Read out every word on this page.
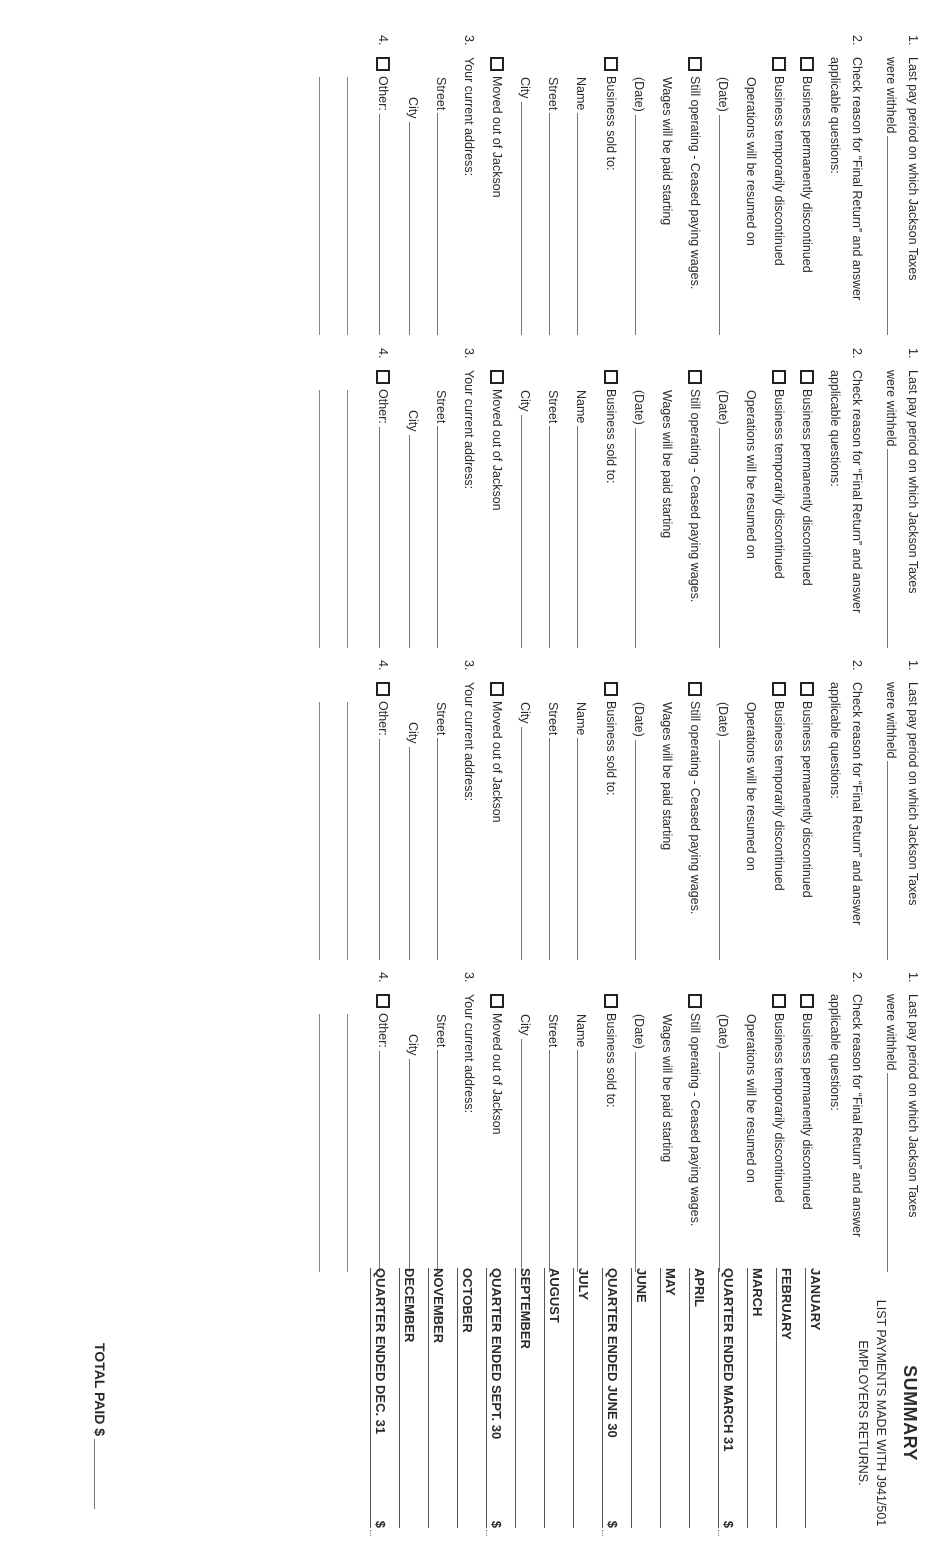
1.
Last pay period on which Jackson Taxes
were withheld
2.
Check reason for “Final Return” and answer
applicable questions:
Business permanently discontinued
Business temporarily discontinued
Operations will be resumed on
(Date)
Still operating - Ceased paying wages.
Wages will be paid starting
(Date)
Business sold to:
Name
Street
City
Moved out of Jackson
3.
Your current address:
Street
City
4.
Other:
1.
Last pay period on which Jackson Taxes
were withheld
2.
Check reason for “Final Return” and answer
applicable questions:
Business permanently discontinued
Business temporarily discontinued
Operations will be resumed on
(Date)
Still operating - Ceased paying wages.
Wages will be paid starting
(Date)
Business sold to:
Name
Street
City
Moved out of Jackson
3.
Your current address:
Street
City
4.
Other:
1.
Last pay period on which Jackson Taxes
were withheld
2.
Check reason for “Final Return” and answer
applicable questions:
Business permanently discontinued
Business temporarily discontinued
Operations will be resumed on
(Date)
Still operating - Ceased paying wages.
Wages will be paid starting
(Date)
Business sold to:
Name
Street
City
Moved out of Jackson
3.
Your current address:
Street
City
4.
Other:
1.
Last pay period on which Jackson Taxes
were withheld
2.
Check reason for “Final Return” and answer
applicable questions:
Business permanently discontinued
Business temporarily discontinued
Operations will be resumed on
(Date)
Still operating - Ceased paying wages.
Wages will be paid starting
(Date)
Business sold to:
Name
Street
City
Moved out of Jackson
3.
Your current address:
Street
City
4.
Other:
SUMMARY
LIST PAYMENTS MADE WITH J941/501
EMPLOYERS RETURNS.
JANUARY
FEBRUARY
MARCH
QUARTER ENDED MARCH 31
$
APRIL
MAY
JUNE
QUARTER ENDED JUNE 30
$
JULY
AUGUST
SEPTEMBER
QUARTER ENDED SEPT. 30
$
OCTOBER
NOVEMBER
DECEMBER
QUARTER ENDED DEC. 31
$
TOTAL PAID $
